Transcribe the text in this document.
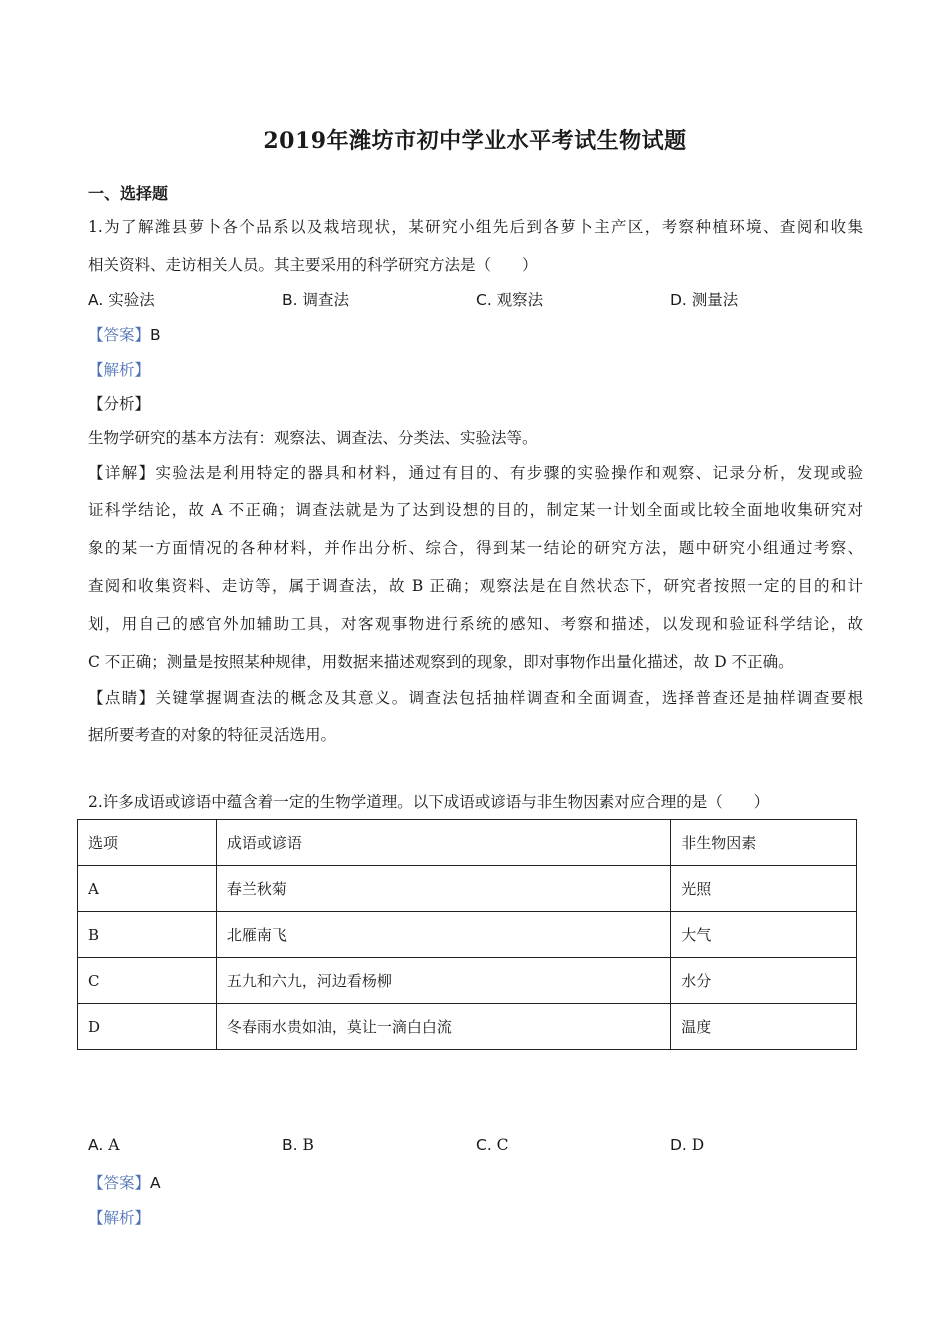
2019年潍坊市初中学业水平考试生物试题
一、选择题
1.为了解潍县萝卜各个品系以及栽培现状，某研究小组先后到各萝卜主产区，考察种植环境、查阅和收集
相关资料、走访相关人员。其主要采用的科学研究方法是（　　）
A. 实验法	B. 调查法	C. 观察法	D. 测量法
【答案】B
【解析】
【分析】
生物学研究的基本方法有：观察法、调查法、分类法、实验法等。
【详解】实验法是利用特定的器具和材料，通过有目的、有步骤的实验操作和观察、记录分析，发现或验
证科学结论，故 A 不正确；调查法就是为了达到设想的目的，制定某一计划全面或比较全面地收集研究对
象的某一方面情况的各种材料，并作出分析、综合，得到某一结论的研究方法，题中研究小组通过考察、
查阅和收集资料、走访等，属于调查法，故 B 正确；观察法是在自然状态下，研究者按照一定的目的和计
划，用自己的感官外加辅助工具，对客观事物进行系统的感知、考察和描述，以发现和验证科学结论，故
C 不正确；测量是按照某种规律，用数据来描述观察到的现象，即对事物作出量化描述，故 D 不正确。
【点睛】关键掌握调查法的概念及其意义。调查法包括抽样调查和全面调查，选择普查还是抽样调查要根
据所要考查的对象的特征灵活选用。
2.许多成语或谚语中蕴含着一定的生物学道理。以下成语或谚语与非生物因素对应合理的是（　　）
选项	成语或谚语	非生物因素
A	春兰秋菊	光照
B	北雁南飞	大气
C	五九和六九，河边看杨柳	水分
D	冬春雨水贵如油，莫让一滴白白流	温度
A. A	B. B	C. C	D. D
【答案】A
【解析】
